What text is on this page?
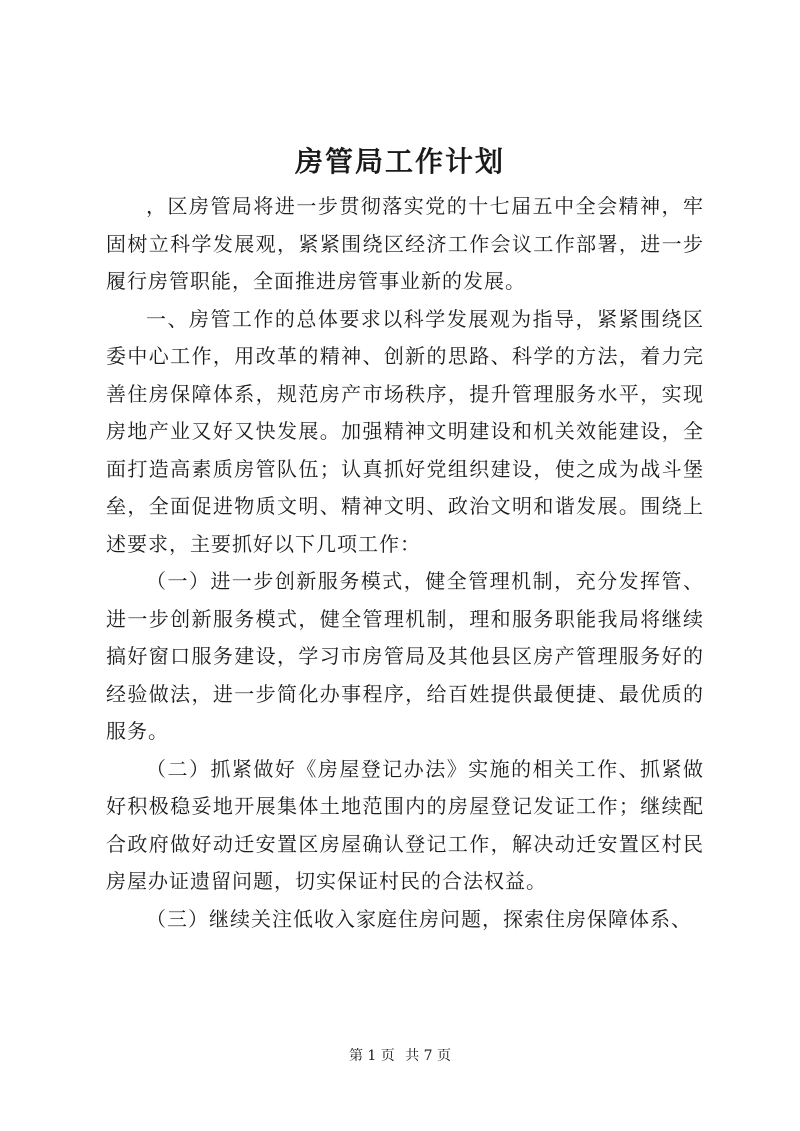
房管局工作计划

，区房管局将进一步贯彻落实党的十七届五中全会精神，牢固树立科学发展观，紧紧围绕区经济工作会议工作部署，进一步履行房管职能，全面推进房管事业新的发展。

一、房管工作的总体要求以科学发展观为指导，紧紧围绕区委中心工作，用改革的精神、创新的思路、科学的方法，着力完善住房保障体系，规范房产市场秩序，提升管理服务水平，实现房地产业又好又快发展。加强精神文明建设和机关效能建设，全面打造高素质房管队伍；认真抓好党组织建设，使之成为战斗堡垒，全面促进物质文明、精神文明、政治文明和谐发展。围绕上述要求，主要抓好以下几项工作：

（一）进一步创新服务模式，健全管理机制，充分发挥管、进一步创新服务模式，健全管理机制，理和服务职能我局将继续搞好窗口服务建设，学习市房管局及其他县区房产管理服务好的经验做法，进一步简化办事程序，给百姓提供最便捷、最优质的服务。

（二）抓紧做好《房屋登记办法》实施的相关工作、抓紧做好积极稳妥地开展集体土地范围内的房屋登记发证工作；继续配合政府做好动迁安置区房屋确认登记工作，解决动迁安置区村民房屋办证遗留问题，切实保证村民的合法权益。

（三）继续关注低收入家庭住房问题，探索住房保障体系、

第 1 页 共 7 页
